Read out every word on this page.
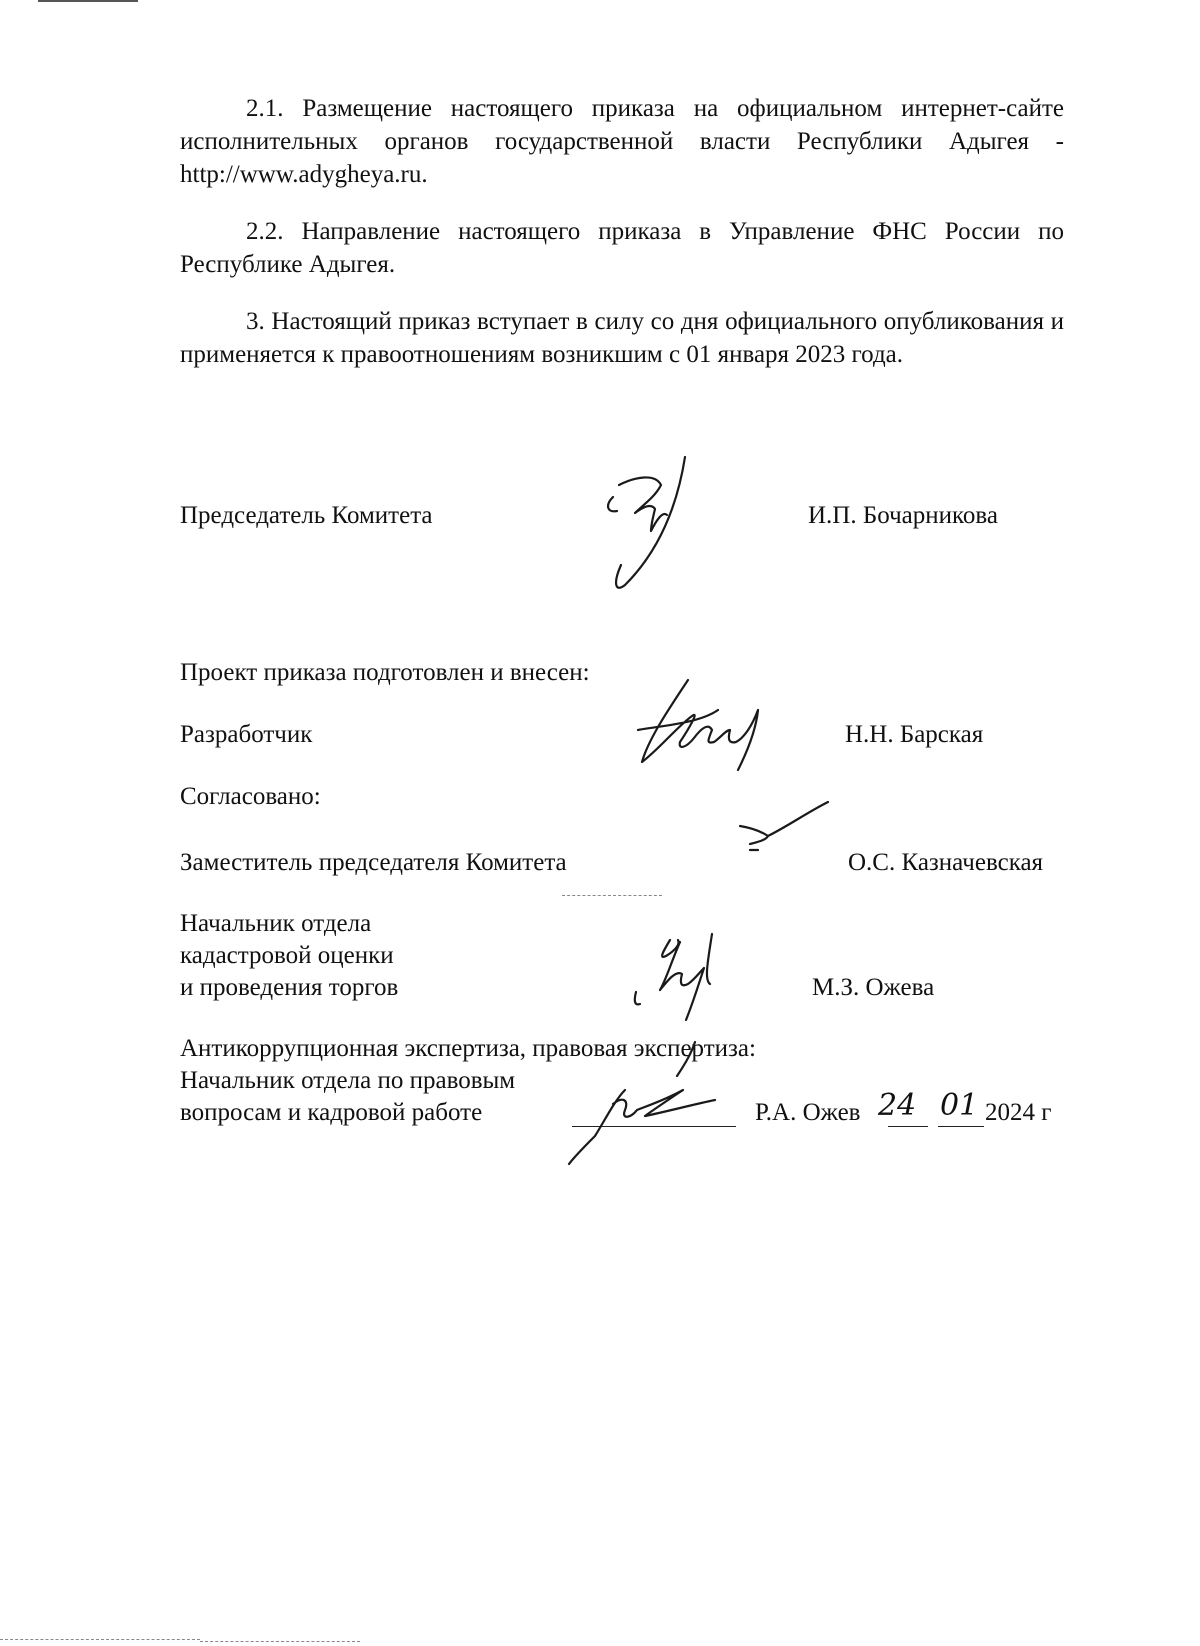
2.1. Размещение настоящего приказа на официальном интернет-сайте исполнительных органов государственной власти Республики Адыгея - http://www.adygheya.ru.

2.2. Направление настоящего приказа в Управление ФНС России по Республике Адыгея.

3. Настоящий приказ вступает в силу со дня официального опубликования и применяется к правоотношениям возникшим с 01 января 2023 года.

Председатель Комитета	И.П. Бочарникова
Проект приказа подготовлен и внесен:
Разработчик	Н.Н. Барская
Согласовано:
Заместитель председателя Комитета	О.С. Казначевская
Начальник отдела
кадастровой оценки
и проведения торгов	М.З. Ожева
Антикоррупционная экспертиза, правовая экспертиза:
Начальник отдела по правовым
вопросам и кадровой работе	Р.А. Ожев 24 01 2024 г
